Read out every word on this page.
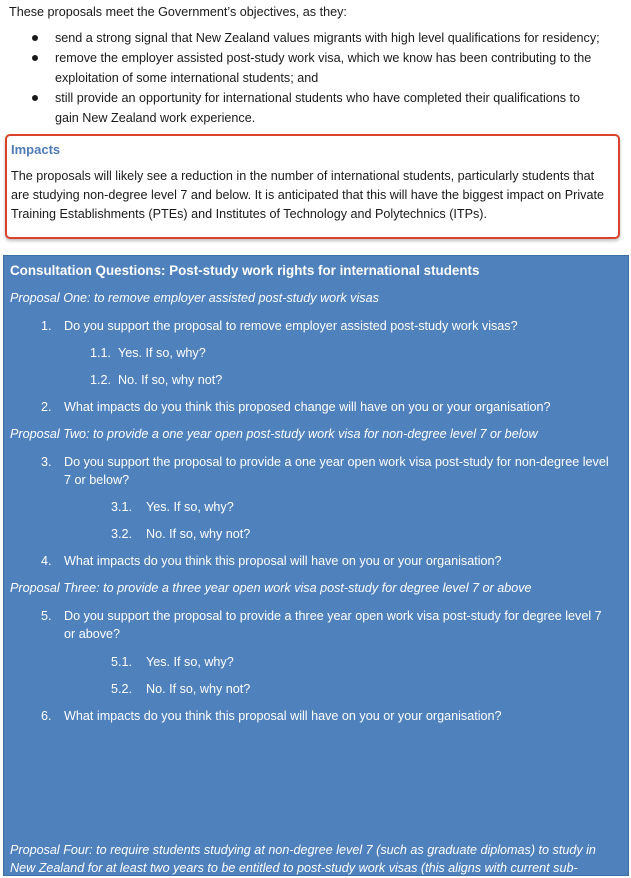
These proposals meet the Government’s objectives, as they:
send a strong signal that New Zealand values migrants with high level qualifications for residency;
remove the employer assisted post-study work visa, which we know has been contributing to the
exploitation of some international students; and
still provide an opportunity for international students who have completed their qualifications to
gain New Zealand work experience.
Impacts
The proposals will likely see a reduction in the number of international students, particularly students that
are studying non-degree level 7 and below. It is anticipated that this will have the biggest impact on Private
Training Establishments (PTEs) and Institutes of Technology and Polytechnics (ITPs).
Consultation Questions: Post-study work rights for international students
Proposal One: to remove employer assisted post-study work visas
1. Do you support the proposal to remove employer assisted post-study work visas?
1.1. Yes. If so, why?
1.2. No. If so, why not?
2. What impacts do you think this proposed change will have on you or your organisation?
Proposal Two: to provide a one year open post-study work visa for non-degree level 7 or below
3. Do you support the proposal to provide a one year open work visa post-study for non-degree level
7 or below?
3.1. Yes. If so, why?
3.2. No. If so, why not?
4. What impacts do you think this proposal will have on you or your organisation?
Proposal Three: to provide a three year open work visa post-study for degree level 7 or above
5. Do you support the proposal to provide a three year open work visa post-study for degree level 7
or above?
5.1. Yes. If so, why?
5.2. No. If so, why not?
6. What impacts do you think this proposal will have on you or your organisation?
Proposal Four: to require students studying at non-degree level 7 (such as graduate diplomas) to study in
New Zealand for at least two years to be entitled to post-study work visas (this aligns with current sub-
